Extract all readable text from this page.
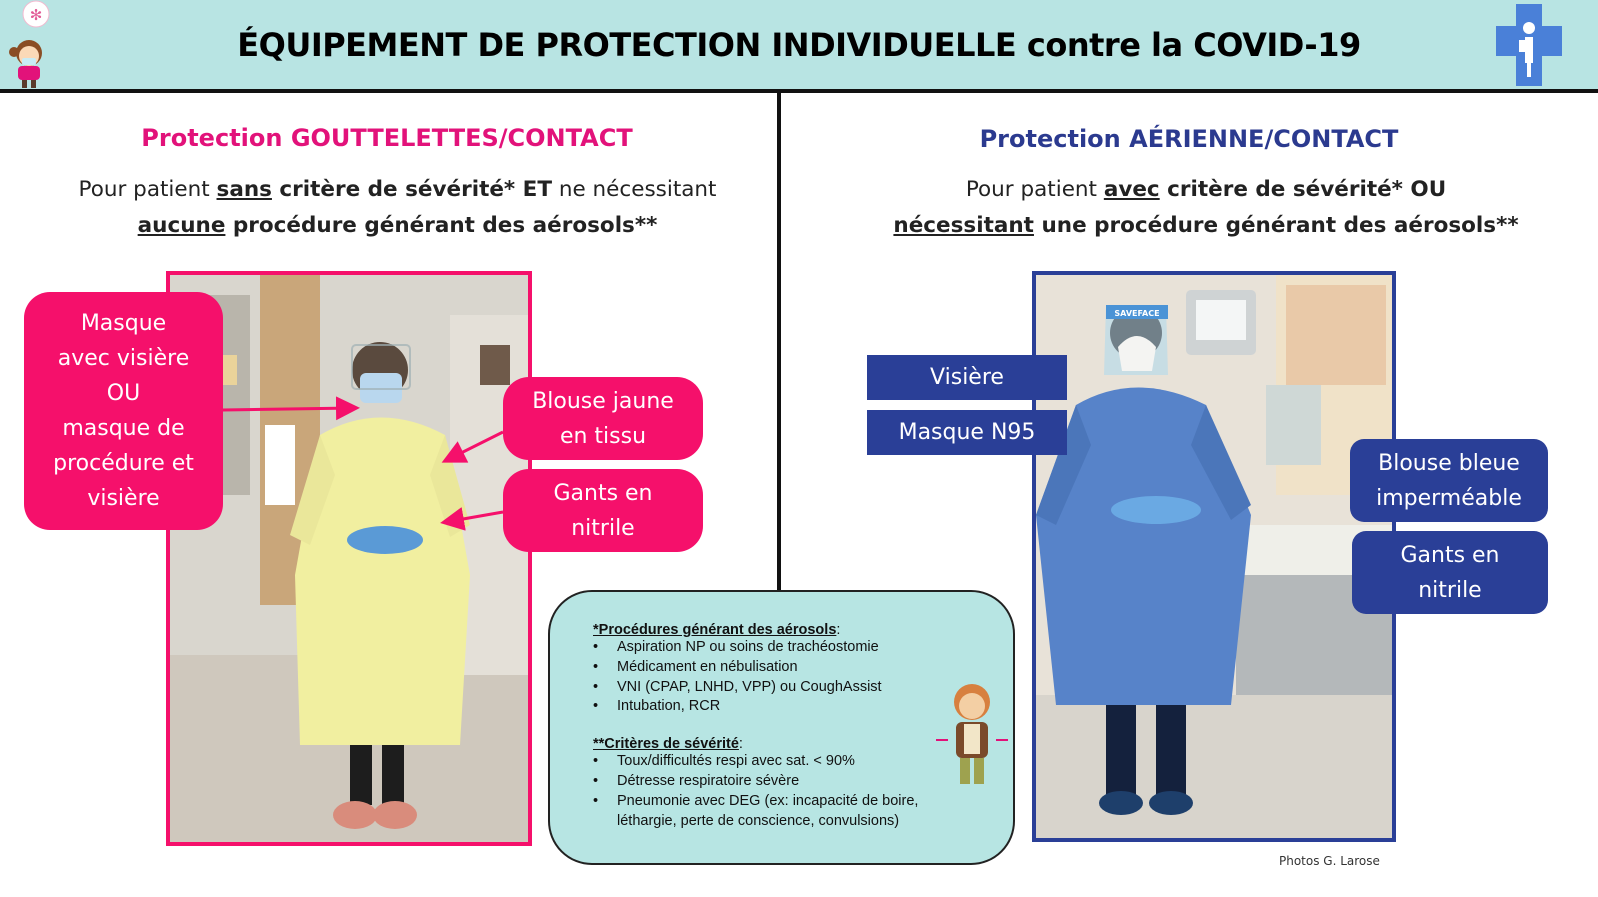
ÉQUIPEMENT DE PROTECTION INDIVIDUELLE contre la COVID-19
✻
Protection GOUTTELETTES/CONTACT
Pour patient sans critère de sévérité* ET ne nécessitant
aucune procédure générant des aérosols**
Masque
avec visière
OU
masque de
procédure et
visière
Blouse jaune
en tissu
Gants en
nitrile
Protection AÉRIENNE/CONTACT
Pour patient avec critère de sévérité* OU
nécessitant une procédure générant des aérosols**
SAVEFACE
Visière
Masque N95
Blouse bleue
imperméable
Gants en
nitrile
*Procédures générant des aérosols:
• Aspiration NP ou soins de trachéostomie
• Médicament en nébulisation
• VNI (CPAP, LNHD, VPP) ou CoughAssist
• Intubation, RCR
**Critères de sévérité:
• Toux/difficultés respi avec sat. < 90%
• Détresse respiratoire sévère
• Pneumonie avec DEG (ex: incapacité de boire, léthargie, perte de conscience, convulsions)
Photos G. Larose
